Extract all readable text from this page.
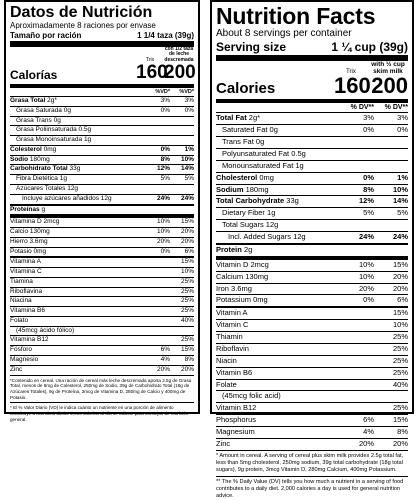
Datos de Nutrición
Aproximadamente 8 raciones por envase
Tamaño por ración	1 1/4 taza (39g)
Calorías
Trix
160
con 1/2 taza de leche descremada
200
%VD*	%VD*
Grasa Total 2g*	3%	3%
Grasa Saturada 0g	0%	0%
Grasa Trans 0g
Grasa Poliinsaturada 0.5g
Grasa Monoinsaturada 1g
Colesterol 0mg	0%	1%
Sodio 180mg	8%	10%
Carbohidrato Total 33g	12%	14%
Fibra Dietética 1g	5%	5%
Azúcares Totales 12g
Incluye azúcares añadidos 12g	24%	24%
Proteínas g
Vitamina D 2mcg	10%	15%
Calcio 130mg	10%	20%
Hierro 3.6mg	20%	20%
Potasio 0mg	0%	6%
Vitamina A	15%
Vitamina C	10%
Tiamina	25%
Riboflavina	25%
Niacina	25%
Vitamina B6	25%
Folato	40%
(45mcg ácido fólico)
Vitamina B12	25%
Fósforo	6%	15%
Magnesio	4%	8%
Zinc	20%	20%
*Contenido en cereal. Una ración de cereal más leche descremada aporta 2.5g de Grasa Total, menos de 5mg de Colesterol, 250mg de Sodio, 39g de Carbohidrato Total (18g de Azúcares Totales), 9g de Proteína, 3mcg de Vitamina D, 280mg de Calcio y 400mg de Potasio.
* El % Valor Diario (VD) le indica cuánto un nutriente en una porción de alimento contribuye a una dieta diaria. 2,000 calorías al día se utilizan para consejos de nutrición general.
Nutrition Facts
About 8 servings per container
Serving size	1 ¼ cup (39g)
Calories
Trix
160
with ½ cup skim milk
200
% DV**	% DV**
Total Fat 2g*	3%	3%
Saturated Fat 0g	0%	0%
Trans Fat 0g
Polyunsaturated Fat 0.5g
Monounsaturated Fat 1g
Cholesterol 0mg	0%	1%
Sodium 180mg	8%	10%
Total Carbohydrate 33g	12%	14%
Dietary Fiber 1g	5%	5%
Total Sugars 12g
Incl. Added Sugars 12g	24%	24%
Protein 2g
Vitamin D 2mcg	10%	15%
Calcium 130mg	10%	20%
Iron 3.6mg	20%	20%
Potassium 0mg	0%	6%
Vitamin A	15%
Vitamin C	10%
Thiamin	25%
Riboflavin	25%
Niacin	25%
Vitamin B6	25%
Folate	40%
(45mcg folic acid)
Vitamin B12	25%
Phosphorus	6%	15%
Magnesium	4%	8%
Zinc	20%	20%
* Amount in cereal. A serving of cereal plus skim milk provides 2.5g total fat, less than 5mg cholesterol, 250mg sodium, 39g total carbohydrate (18g total sugars), 9g protein, 3mcg Vitamin D, 280mg Calcium, 400mg Potassium.
** The % Daily Value (DV) tells you how much a nutrient in a serving of food contributes to a daily diet. 2,000 calories a day is used for general nutrition advice.
